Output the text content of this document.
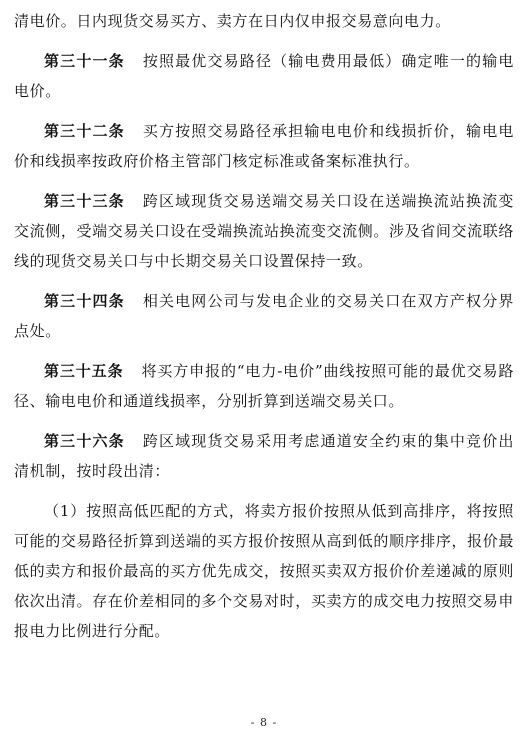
清电价。日内现货交易买方、卖方在日内仅申报交易意向电力。

第三十一条 按照最优交易路径（输电费用最低）确定唯一的输电电价。

第三十二条 买方按照交易路径承担输电电价和线损折价，输电电价和线损率按政府价格主管部门核定标准或备案标准执行。

第三十三条 跨区域现货交易送端交易关口设在送端换流站换流变交流侧，受端交易关口设在受端换流站换流变交流侧。涉及省间交流联络线的现货交易关口与中长期交易关口设置保持一致。

第三十四条 相关电网公司与发电企业的交易关口在双方产权分界点处。

第三十五条 将买方申报的“电力-电价”曲线按照可能的最优交易路径、输电电价和通道线损率，分别折算到送端交易关口。

第三十六条 跨区域现货交易采用考虑通道安全约束的集中竞价出清机制，按时段出清：

（1）按照高低匹配的方式，将卖方报价按照从低到高排序，将按照可能的交易路径折算到送端的买方报价按照从高到低的顺序排序，报价最低的卖方和报价最高的买方优先成交，按照买卖双方报价价差递减的原则依次出清。存在价差相同的多个交易对时，买卖方的成交电力按照交易申报电力比例进行分配。

- 8 -
